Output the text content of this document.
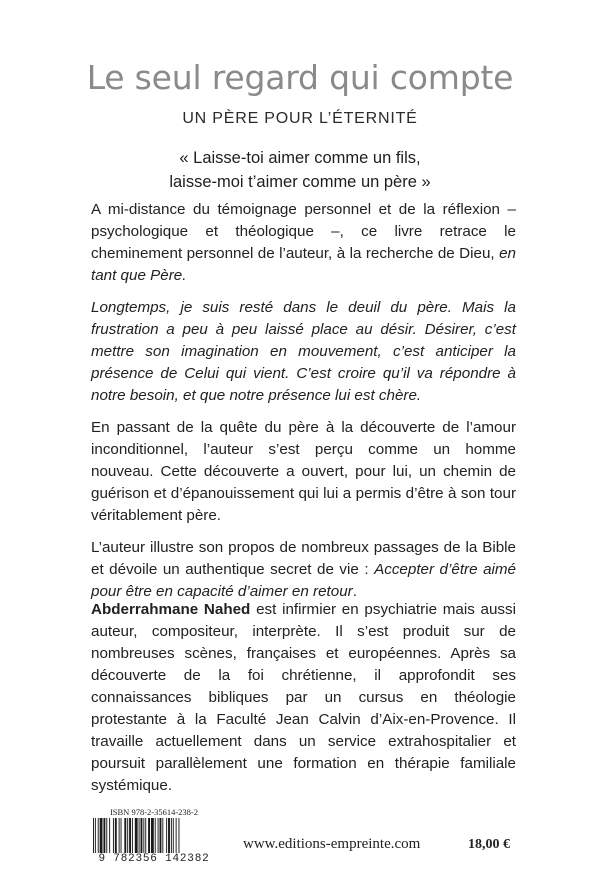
Le seul regard qui compte
UN PÈRE POUR L’ÉTERNITÉ
« Laisse-toi aimer comme un fils,
laisse-moi t’aimer comme un père »

A mi-distance du témoignage personnel et de la réflexion – psychologique et théologique –, ce livre retrace le cheminement personnel de l’auteur, à la recherche de Dieu, en tant que Père.

Longtemps, je suis resté dans le deuil du père. Mais la frustration a peu à peu laissé place au désir. Désirer, c’est mettre son imagination en mouvement, c’est anticiper la présence de Celui qui vient. C’est croire qu’il va répondre à notre besoin, et que notre présence lui est chère.

En passant de la quête du père à la découverte de l’amour inconditionnel, l’auteur s’est perçu comme un homme nouveau. Cette découverte a ouvert, pour lui, un chemin de guérison et d’épanouissement qui lui a permis d’être à son tour véritablement père.

L’auteur illustre son propos de nombreux passages de la Bible et dévoile un authentique secret de vie : Accepter d’être aimé pour être en capacité d’aimer en retour.

Abderrahmane Nahed est infirmier en psychiatrie mais aussi auteur, compositeur, interprète. Il s’est produit sur de nombreuses scènes, françaises et européennes. Après sa découverte de la foi chrétienne, il approfondit ses connaissances bibliques par un cursus en théologie protestante à la Faculté Jean Calvin d’Aix-en-Provence. Il travaille actuellement dans un service extrahospitalier et poursuit parallèlement une formation en thérapie familiale systémique.

ISBN 978-2-35614-238-2
9 782356 142382
www.editions-empreinte.com	18,00 €
